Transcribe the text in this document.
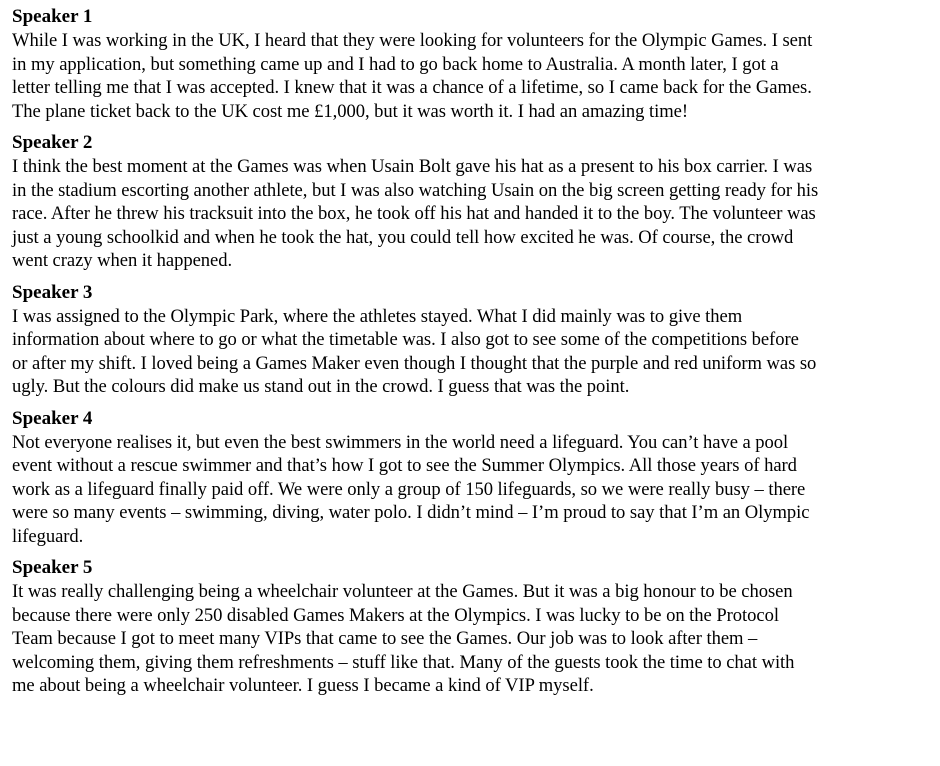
Speaker 1

While I was working in the UK, I heard that they were looking for volunteers for the Olympic Games. I sent
in my application, but something came up and I had to go back home to Australia. A month later, I got a
letter telling me that I was accepted. I knew that it was a chance of a lifetime, so I came back for the Games.
The plane ticket back to the UK cost me £1,000, but it was worth it. I had an amazing time!

Speaker 2

I think the best moment at the Games was when Usain Bolt gave his hat as a present to his box carrier. I was
in the stadium escorting another athlete, but I was also watching Usain on the big screen getting ready for his
race. After he threw his tracksuit into the box, he took off his hat and handed it to the boy. The volunteer was
just a young schoolkid and when he took the hat, you could tell how excited he was. Of course, the crowd
went crazy when it happened.

Speaker 3

I was assigned to the Olympic Park, where the athletes stayed. What I did mainly was to give them
information about where to go or what the timetable was. I also got to see some of the competitions before
or after my shift. I loved being a Games Maker even though I thought that the purple and red uniform was so
ugly. But the colours did make us stand out in the crowd. I guess that was the point.

Speaker 4

Not everyone realises it, but even the best swimmers in the world need a lifeguard. You can’t have a pool
event without a rescue swimmer and that’s how I got to see the Summer Olympics. All those years of hard
work as a lifeguard finally paid off. We were only a group of 150 lifeguards, so we were really busy – there
were so many events – swimming, diving, water polo. I didn’t mind – I’m proud to say that I’m an Olympic
lifeguard.

Speaker 5

It was really challenging being a wheelchair volunteer at the Games. But it was a big honour to be chosen
because there were only 250 disabled Games Makers at the Olympics. I was lucky to be on the Protocol
Team because I got to meet many VIPs that came to see the Games. Our job was to look after them –
welcoming them, giving them refreshments – stuff like that. Many of the guests took the time to chat with
me about being a wheelchair volunteer. I guess I became a kind of VIP myself.
